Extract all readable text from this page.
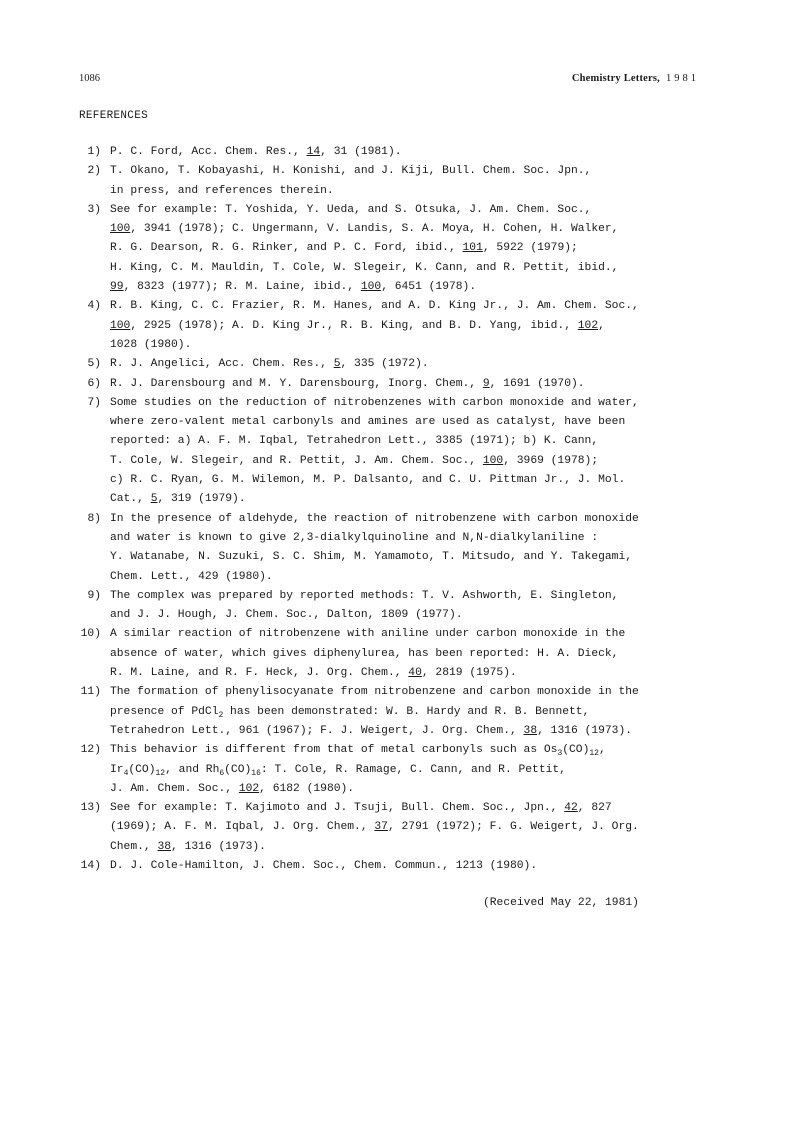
1086	Chemistry Letters, 1981
REFERENCES
1) P. C. Ford, Acc. Chem. Res., 14, 31 (1981).
2) T. Okano, T. Kobayashi, H. Konishi, and J. Kiji, Bull. Chem. Soc. Jpn.,
in press, and references therein.
3) See for example: T. Yoshida, Y. Ueda, and S. Otsuka, J. Am. Chem. Soc.,
100, 3941 (1978); C. Ungermann, V. Landis, S. A. Moya, H. Cohen, H. Walker,
R. G. Dearson, R. G. Rinker, and P. C. Ford, ibid., 101, 5922 (1979);
H. King, C. M. Mauldin, T. Cole, W. Slegeir, K. Cann, and R. Pettit, ibid.,
99, 8323 (1977); R. M. Laine, ibid., 100, 6451 (1978).
4) R. B. King, C. C. Frazier, R. M. Hanes, and A. D. King Jr., J. Am. Chem. Soc.,
100, 2925 (1978); A. D. King Jr., R. B. King, and B. D. Yang, ibid., 102,
1028 (1980).
5) R. J. Angelici, Acc. Chem. Res., 5, 335 (1972).
6) R. J. Darensbourg and M. Y. Darensbourg, Inorg. Chem., 9, 1691 (1970).
7) Some studies on the reduction of nitrobenzenes with carbon monoxide and water,
where zero-valent metal carbonyls and amines are used as catalyst, have been
reported: a) A. F. M. Iqbal, Tetrahedron Lett., 3385 (1971); b) K. Cann,
T. Cole, W. Slegeir, and R. Pettit, J. Am. Chem. Soc., 100, 3969 (1978);
c) R. C. Ryan, G. M. Wilemon, M. P. Dalsanto, and C. U. Pittman Jr., J. Mol.
Cat., 5, 319 (1979).
8) In the presence of aldehyde, the reaction of nitrobenzene with carbon monoxide
and water is known to give 2,3-dialkylquinoline and N,N-dialkylaniline :
Y. Watanabe, N. Suzuki, S. C. Shim, M. Yamamoto, T. Mitsudo, and Y. Takegami,
Chem. Lett., 429 (1980).
9) The complex was prepared by reported methods: T. V. Ashworth, E. Singleton,
and J. J. Hough, J. Chem. Soc., Dalton, 1809 (1977).
10) A similar reaction of nitrobenzene with aniline under carbon monoxide in the
absence of water, which gives diphenylurea, has been reported: H. A. Dieck,
R. M. Laine, and R. F. Heck, J. Org. Chem., 40, 2819 (1975).
11) The formation of phenylisocyanate from nitrobenzene and carbon monoxide in the
presence of PdCl$_2$ has been demonstrated: W. B. Hardy and R. B. Bennett,
Tetrahedron Lett., 961 (1967); F. J. Weigert, J. Org. Chem., 38, 1316 (1973).
12) This behavior is different from that of metal carbonyls such as $Os_3(CO)_{12}$,
$Ir_4(CO)_{12}$, and $Rh_6(CO)_{16}$: T. Cole, R. Ramage, C. Cann, and R. Pettit,
J. Am. Chem. Soc., 102, 6182 (1980).
13) See for example: T. Kajimoto and J. Tsuji, Bull. Chem. Soc., Jpn., 42, 827
(1969); A. F. M. Iqbal, J. Org. Chem., 37, 2791 (1972); F. G. Weigert, J. Org.
Chem., 38, 1316 (1973).
14) D. J. Cole-Hamilton, J. Chem. Soc., Chem. Commun., 1213 (1980).
(Received May 22, 1981)
